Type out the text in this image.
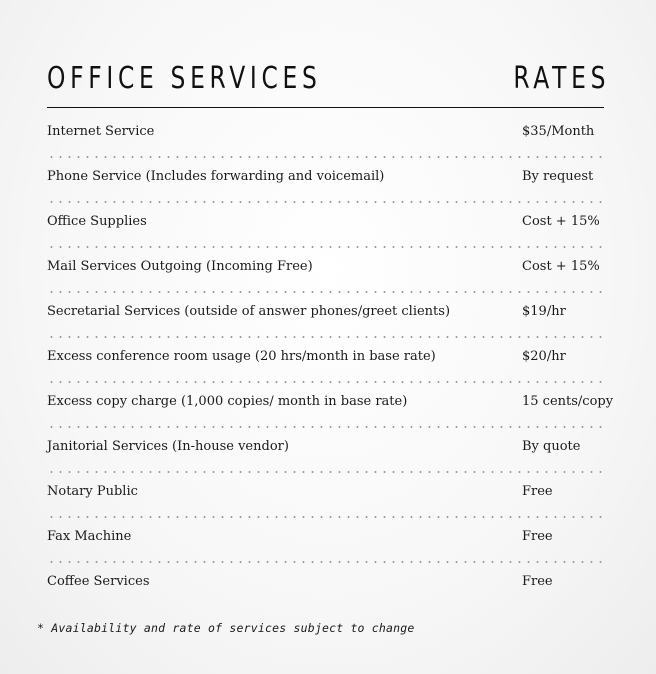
OFFICE SERVICES	RATES
Internet Service	$35/Month
Phone Service (Includes forwarding and voicemail)	By request
Office Supplies	Cost + 15%
Mail Services Outgoing (Incoming Free)	Cost + 15%
Secretarial Services (outside of answer phones/greet clients)	$19/hr
Excess conference room usage (20 hrs/month in base rate)	$20/hr
Excess copy charge (1,000 copies/ month in base rate)	15 cents/copy
Janitorial Services (In-house vendor)	By quote
Notary Public	Free
Fax Machine	Free
Coffee Services	Free
* Availability and rate of services subject to change
